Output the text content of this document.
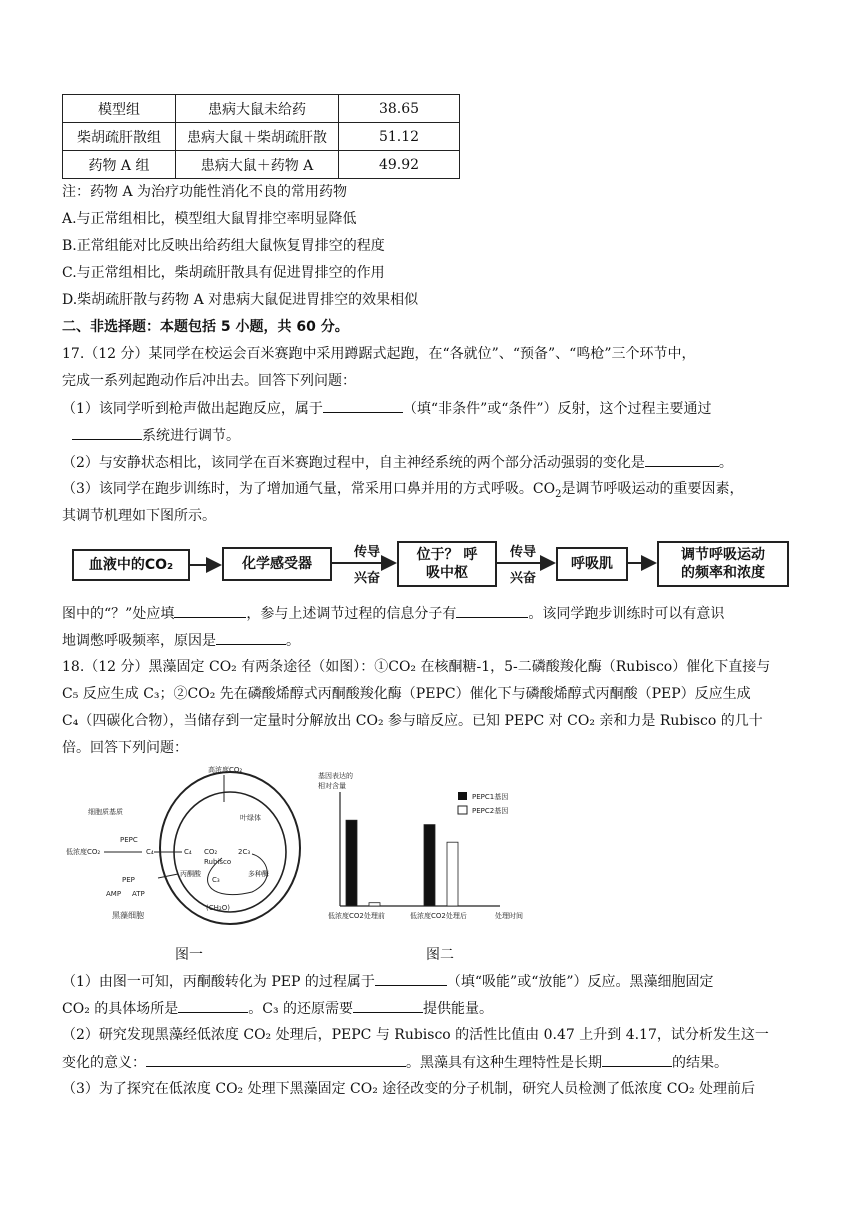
模型组	患病大鼠未给药	38.65
柴胡疏肝散组	患病大鼠＋柴胡疏肝散	51.12
药物 A 组	患病大鼠＋药物 A	49.92
注：药物 A 为治疗功能性消化不良的常用药物
A.与正常组相比，模型组大鼠胃排空率明显降低
B.正常组能对比反映出给药组大鼠恢复胃排空的程度
C.与正常组相比，柴胡疏肝散具有促进胃排空的作用
D.柴胡疏肝散与药物 A 对患病大鼠促进胃排空的效果相似
二、非选择题：本题包括 5 小题，共 60 分。
17.（12 分）某同学在校运会百米赛跑中采用蹲踞式起跑，在“各就位”、“预备”、“鸣枪”三个环节中，
完成一系列起跑动作后冲出去。回答下列问题：
（1）该同学听到枪声做出起跑反应，属于	（填“非条件”或“条件”）反射，这个过程主要通过
系统进行调节。
（2）与安静状态相比，该同学在百米赛跑过程中，自主神经系统的两个部分活动强弱的变化是	。
（3）该同学在跑步训练时，为了增加通气量，常采用口鼻并用的方式呼吸。$CO_2$是调节呼吸运动的重要因素，
其调节机理如下图所示。
血液中的CO₂	化学感受器
位于？ 呼
吸中枢
呼吸肌
调节呼吸运动
的频率和浓度
传导
兴奋
传导
兴奋
图中的“？”处应填	，参与上述调节过程的信息分子有	。该同学跑步训练时可以有意识
地调憋呼吸频率，原因是	。
18.（12 分）黑藻固定 CO₂ 有两条途径（如图）：①CO₂ 在核酮糖-1，5-二磷酸羧化酶（Rubisco）催化下直接与
C₅ 反应生成 C₃；②CO₂ 先在磷酸烯醇式丙酮酸羧化酶（PEPC）催化下与磷酸烯醇式丙酮酸（PEP）反应生成
C₄（四碳化合物），当储存到一定量时分解放出 CO₂ 参与暗反应。已知 PEPC 对 CO₂ 亲和力是 Rubisco 的几十
倍。回答下列问题：
高浓度CO₂
细胞质基质
叶绿体
低浓度CO₂
PEPC
C₄	C₄ CO₂	2C₃
Rubisco
丙酮酸
PEP
ATP
AMP
C₃
多种酶
(CH₂O)
黑藻细胞
基因表达的
相对含量
PEPC1基因
PEPC2基因
低浓度CO2处理前	低浓度CO2处理后	处理时间
图一	图二
（1）由图一可知，丙酮酸转化为 PEP 的过程属于	（填“吸能”或“放能”）反应。黑藻细胞固定
CO₂ 的具体场所是	。C₃ 的还原需要	提供能量。
（2）研究发现黑藻经低浓度 CO₂ 处理后，PEPC 与 Rubisco 的活性比值由 0.47 上升到 4.17，试分析发生这一
变化的意义：	。黑藻具有这种生理特性是长期	的结果。
（3）为了探究在低浓度 CO₂ 处理下黑藻固定 CO₂ 途径改变的分子机制，研究人员检测了低浓度 CO₂ 处理前后
